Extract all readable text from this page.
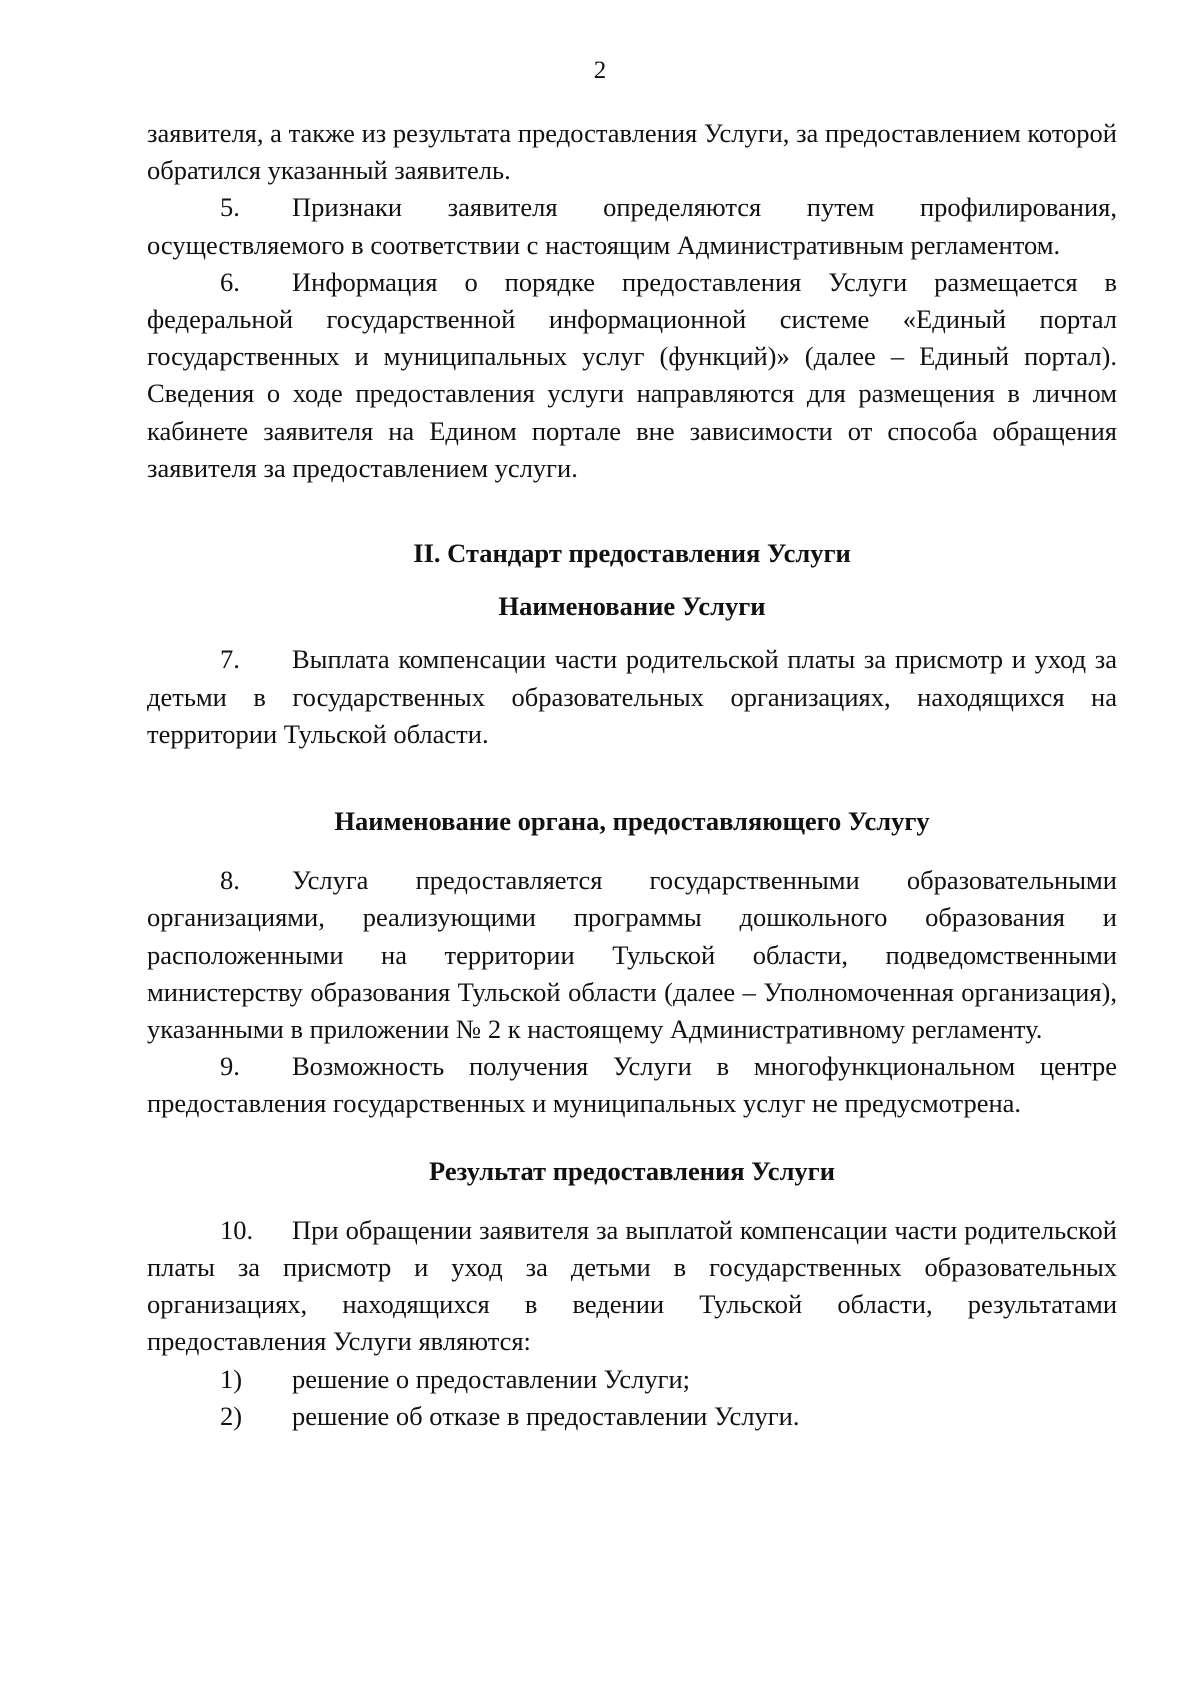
2

заявителя, а также из результата предоставления Услуги, за предоставлением которой обратился указанный заявитель.

5. Признаки заявителя определяются путем профилирования, осуществляемого в соответствии с настоящим Административным регламентом.

6. Информация о порядке предоставления Услуги размещается в федеральной государственной информационной системе «Единый портал государственных и муниципальных услуг (функций)» (далее – Единый портал). Сведения о ходе предоставления услуги направляются для размещения в личном кабинете заявителя на Едином портале вне зависимости от способа обращения заявителя за предоставлением услуги.

II. Стандарт предоставления Услуги

Наименование Услуги

7. Выплата компенсации части родительской платы за присмотр и уход за детьми в государственных образовательных организациях, находящихся на территории Тульской области.

Наименование органа, предоставляющего Услугу

8. Услуга предоставляется государственными образовательными организациями, реализующими программы дошкольного образования и расположенными на территории Тульской области, подведомственными министерству образования Тульской области (далее – Уполномоченная организация), указанными в приложении № 2 к настоящему Административному регламенту.

9. Возможность получения Услуги в многофункциональном центре предоставления государственных и муниципальных услуг не предусмотрена.

Результат предоставления Услуги

10. При обращении заявителя за выплатой компенсации части родительской платы за присмотр и уход за детьми в государственных образовательных организациях, находящихся в ведении Тульской области, результатами предоставления Услуги являются:

1) решение о предоставлении Услуги;

2) решение об отказе в предоставлении Услуги.
